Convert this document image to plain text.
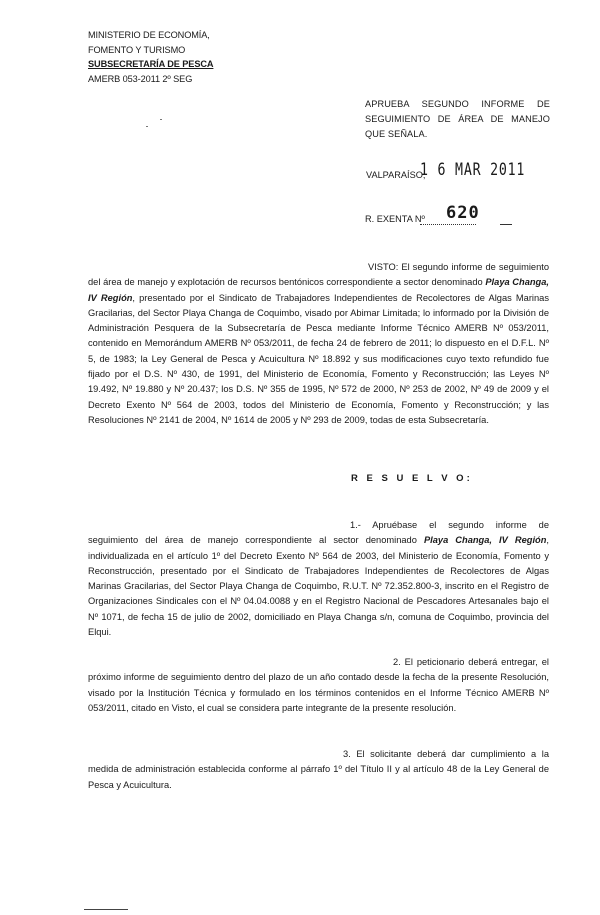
MINISTERIO DE ECONOMÍA,
FOMENTO Y TURISMO
SUBSECRETARÍA DE PESCA
AMERB 053-2011 2º SEG
APRUEBA SEGUNDO INFORME DE SEGUIMIENTO DE ÁREA DE MANEJO QUE SEÑALA.
VALPARAÍSO,
1 6 MAR 2011
R. EXENTA Nº 620
VISTO: El segundo informe de seguimiento del área de manejo y explotación de recursos bentónicos correspondiente a sector denominado Playa Changa, IV Región, presentado por el Sindicato de Trabajadores Independientes de Recolectores de Algas Marinas Gracilarias, del Sector Playa Changa de Coquimbo, visado por Abimar Limitada; lo informado por la División de Administración Pesquera de la Subsecretaría de Pesca mediante Informe Técnico AMERB Nº 053/2011, contenido en Memorándum AMERB Nº 053/2011, de fecha 24 de febrero de 2011; lo dispuesto en el D.F.L. Nº 5, de 1983; la Ley General de Pesca y Acuicultura Nº 18.892 y sus modificaciones cuyo texto refundido fue fijado por el D.S. Nº 430, de 1991, del Ministerio de Economía, Fomento y Reconstrucción; las Leyes Nº 19.492, Nº 19.880 y Nº 20.437; los D.S. Nº 355 de 1995, Nº 572 de 2000, Nº 253 de 2002, Nº 49 de 2009 y el Decreto Exento Nº 564 de 2003, todos del Ministerio de Economía, Fomento y Reconstrucción; y las Resoluciones Nº 2141 de 2004, Nº 1614 de 2005 y Nº 293 de 2009, todas de esta Subsecretaría.
R E S U E L V O:
1.- Apruébase el segundo informe de seguimiento del área de manejo correspondiente al sector denominado Playa Changa, IV Región, individualizada en el artículo 1º del Decreto Exento Nº 564 de 2003, del Ministerio de Economía, Fomento y Reconstrucción, presentado por el Sindicato de Trabajadores Independientes de Recolectores de Algas Marinas Gracilarias, del Sector Playa Changa de Coquimbo, R.U.T. Nº 72.352.800-3, inscrito en el Registro de Organizaciones Sindicales con el Nº 04.04.0088 y en el Registro Nacional de Pescadores Artesanales bajo el Nº 1071, de fecha 15 de julio de 2002, domiciliado en Playa Changa s/n, comuna de Coquimbo, provincia del Elqui.
2. El peticionario deberá entregar, el próximo informe de seguimiento dentro del plazo de un año contado desde la fecha de la presente Resolución, visado por la Institución Técnica y formulado en los términos contenidos en el Informe Técnico AMERB Nº 053/2011, citado en Visto, el cual se considera parte integrante de la presente resolución.
3. El solicitante deberá dar cumplimiento a la medida de administración establecida conforme al párrafo 1º del Título II y al artículo 48 de la Ley General de Pesca y Acuicultura.
